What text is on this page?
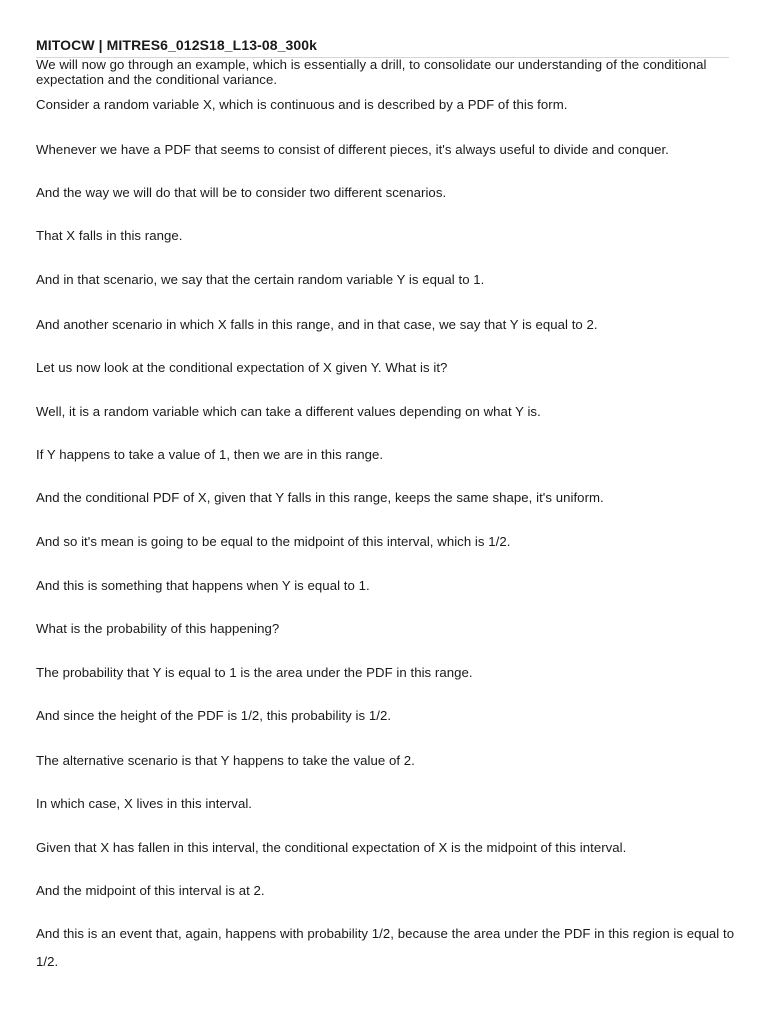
MITOCW | MITRES6_012S18_L13-08_300k

We will now go through an example, which is essentially a drill, to consolidate our understanding of the conditional expectation and the conditional variance.

Consider a random variable X, which is continuous and is described by a PDF of this form.

Whenever we have a PDF that seems to consist of different pieces, it's always useful to divide and conquer.

And the way we will do that will be to consider two different scenarios.

That X falls in this range.

And in that scenario, we say that the certain random variable Y is equal to 1.

And another scenario in which X falls in this range, and in that case, we say that Y is equal to 2.

Let us now look at the conditional expectation of X given Y. What is it?

Well, it is a random variable which can take a different values depending on what Y is.

If Y happens to take a value of 1, then we are in this range.

And the conditional PDF of X, given that Y falls in this range, keeps the same shape, it's uniform.

And so it's mean is going to be equal to the midpoint of this interval, which is 1/2.

And this is something that happens when Y is equal to 1.

What is the probability of this happening?

The probability that Y is equal to 1 is the area under the PDF in this range.

And since the height of the PDF is 1/2, this probability is 1/2.

The alternative scenario is that Y happens to take the value of 2.

In which case, X lives in this interval.

Given that X has fallen in this interval, the conditional expectation of X is the midpoint of this interval.

And the midpoint of this interval is at 2.

And this is an event that, again, happens with probability 1/2, because the area under the PDF in this region is equal to 1/2.
